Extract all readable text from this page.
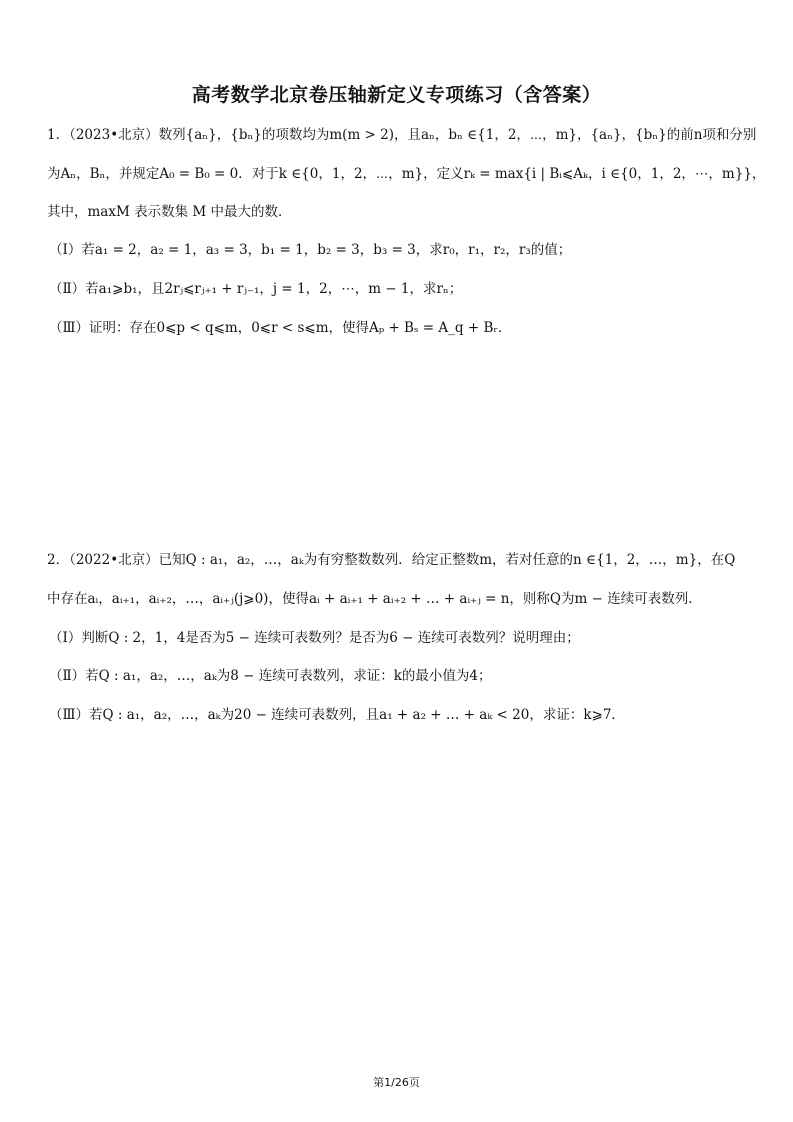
高考数学北京卷压轴新定义专项练习（含答案）
1．（2023•北京）数列{aₙ}，{bₙ}的项数均为m(m > 2)，且aₙ，bₙ ∈{1，2，⋯，m}，{aₙ}，{bₙ}的前n项和分别
为Aₙ，Bₙ，并规定A₀ = B₀ = 0．对于k ∈{0，1，2，⋯，m}，定义rₖ = max{i | Bᵢ⩽Aₖ，i ∈{0，1，2，⋯，m}}，
其中，maxM 表示数集 M 中最大的数．
（Ⅰ）若a₁ = 2，a₂ = 1，a₃ = 3，b₁ = 1，b₂ = 3，b₃ = 3，求r₀，r₁，r₂，r₃的值；
（Ⅱ）若a₁⩾b₁，且2rⱼ⩽rⱼ₊₁ + rⱼ₋₁，j = 1，2，⋯，m − 1，求rₙ；
（Ⅲ）证明：存在0⩽p < q⩽m，0⩽r < s⩽m，使得Aₚ + Bₛ = A_q + Bᵣ．
2．（2022•北京）已知Q : a₁，a₂，…，aₖ为有穷整数数列．给定正整数m，若对任意的n ∈{1，2，…，m}，在Q
中存在aᵢ，aᵢ₊₁，aᵢ₊₂，…，aᵢ₊ⱼ(j⩾0)，使得aᵢ + aᵢ₊₁ + aᵢ₊₂ + … + aᵢ₊ⱼ = n，则称Q为m − 连续可表数列．
（Ⅰ）判断Q : 2，1，4是否为5 − 连续可表数列？是否为6 − 连续可表数列？说明理由；
（Ⅱ）若Q : a₁，a₂，…，aₖ为8 − 连续可表数列，求证：k的最小值为4；
（Ⅲ）若Q : a₁，a₂，…，aₖ为20 − 连续可表数列，且a₁ + a₂ + … + aₖ < 20，求证：k⩾7．
第1/26页
